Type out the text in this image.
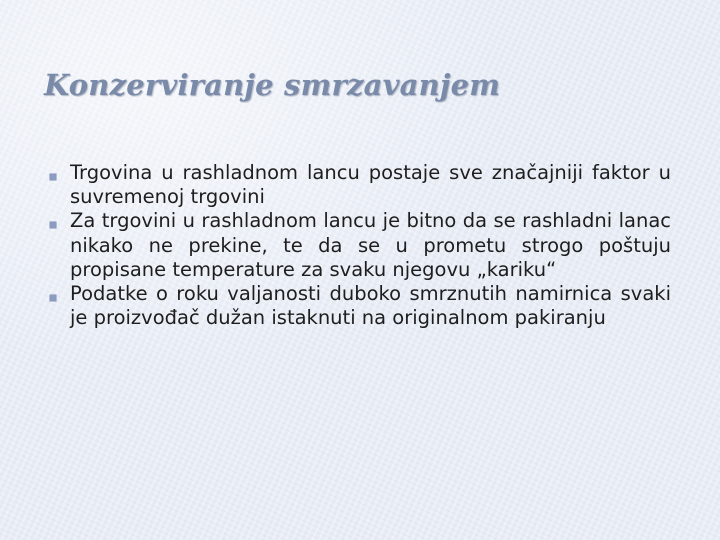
Konzerviranje smrzavanjem
Trgovina u rashladnom lancu postaje sve značajniji faktor u suvremenoj trgovini
Za trgovini u rashladnom lancu je bitno da se rashladni lanac nikako ne prekine, te da se u prometu strogo poštuju propisane temperature za svaku njegovu „kariku“
Podatke o roku valjanosti duboko smrznutih namirnica svaki je proizvođač dužan istaknuti na originalnom pakiranju
